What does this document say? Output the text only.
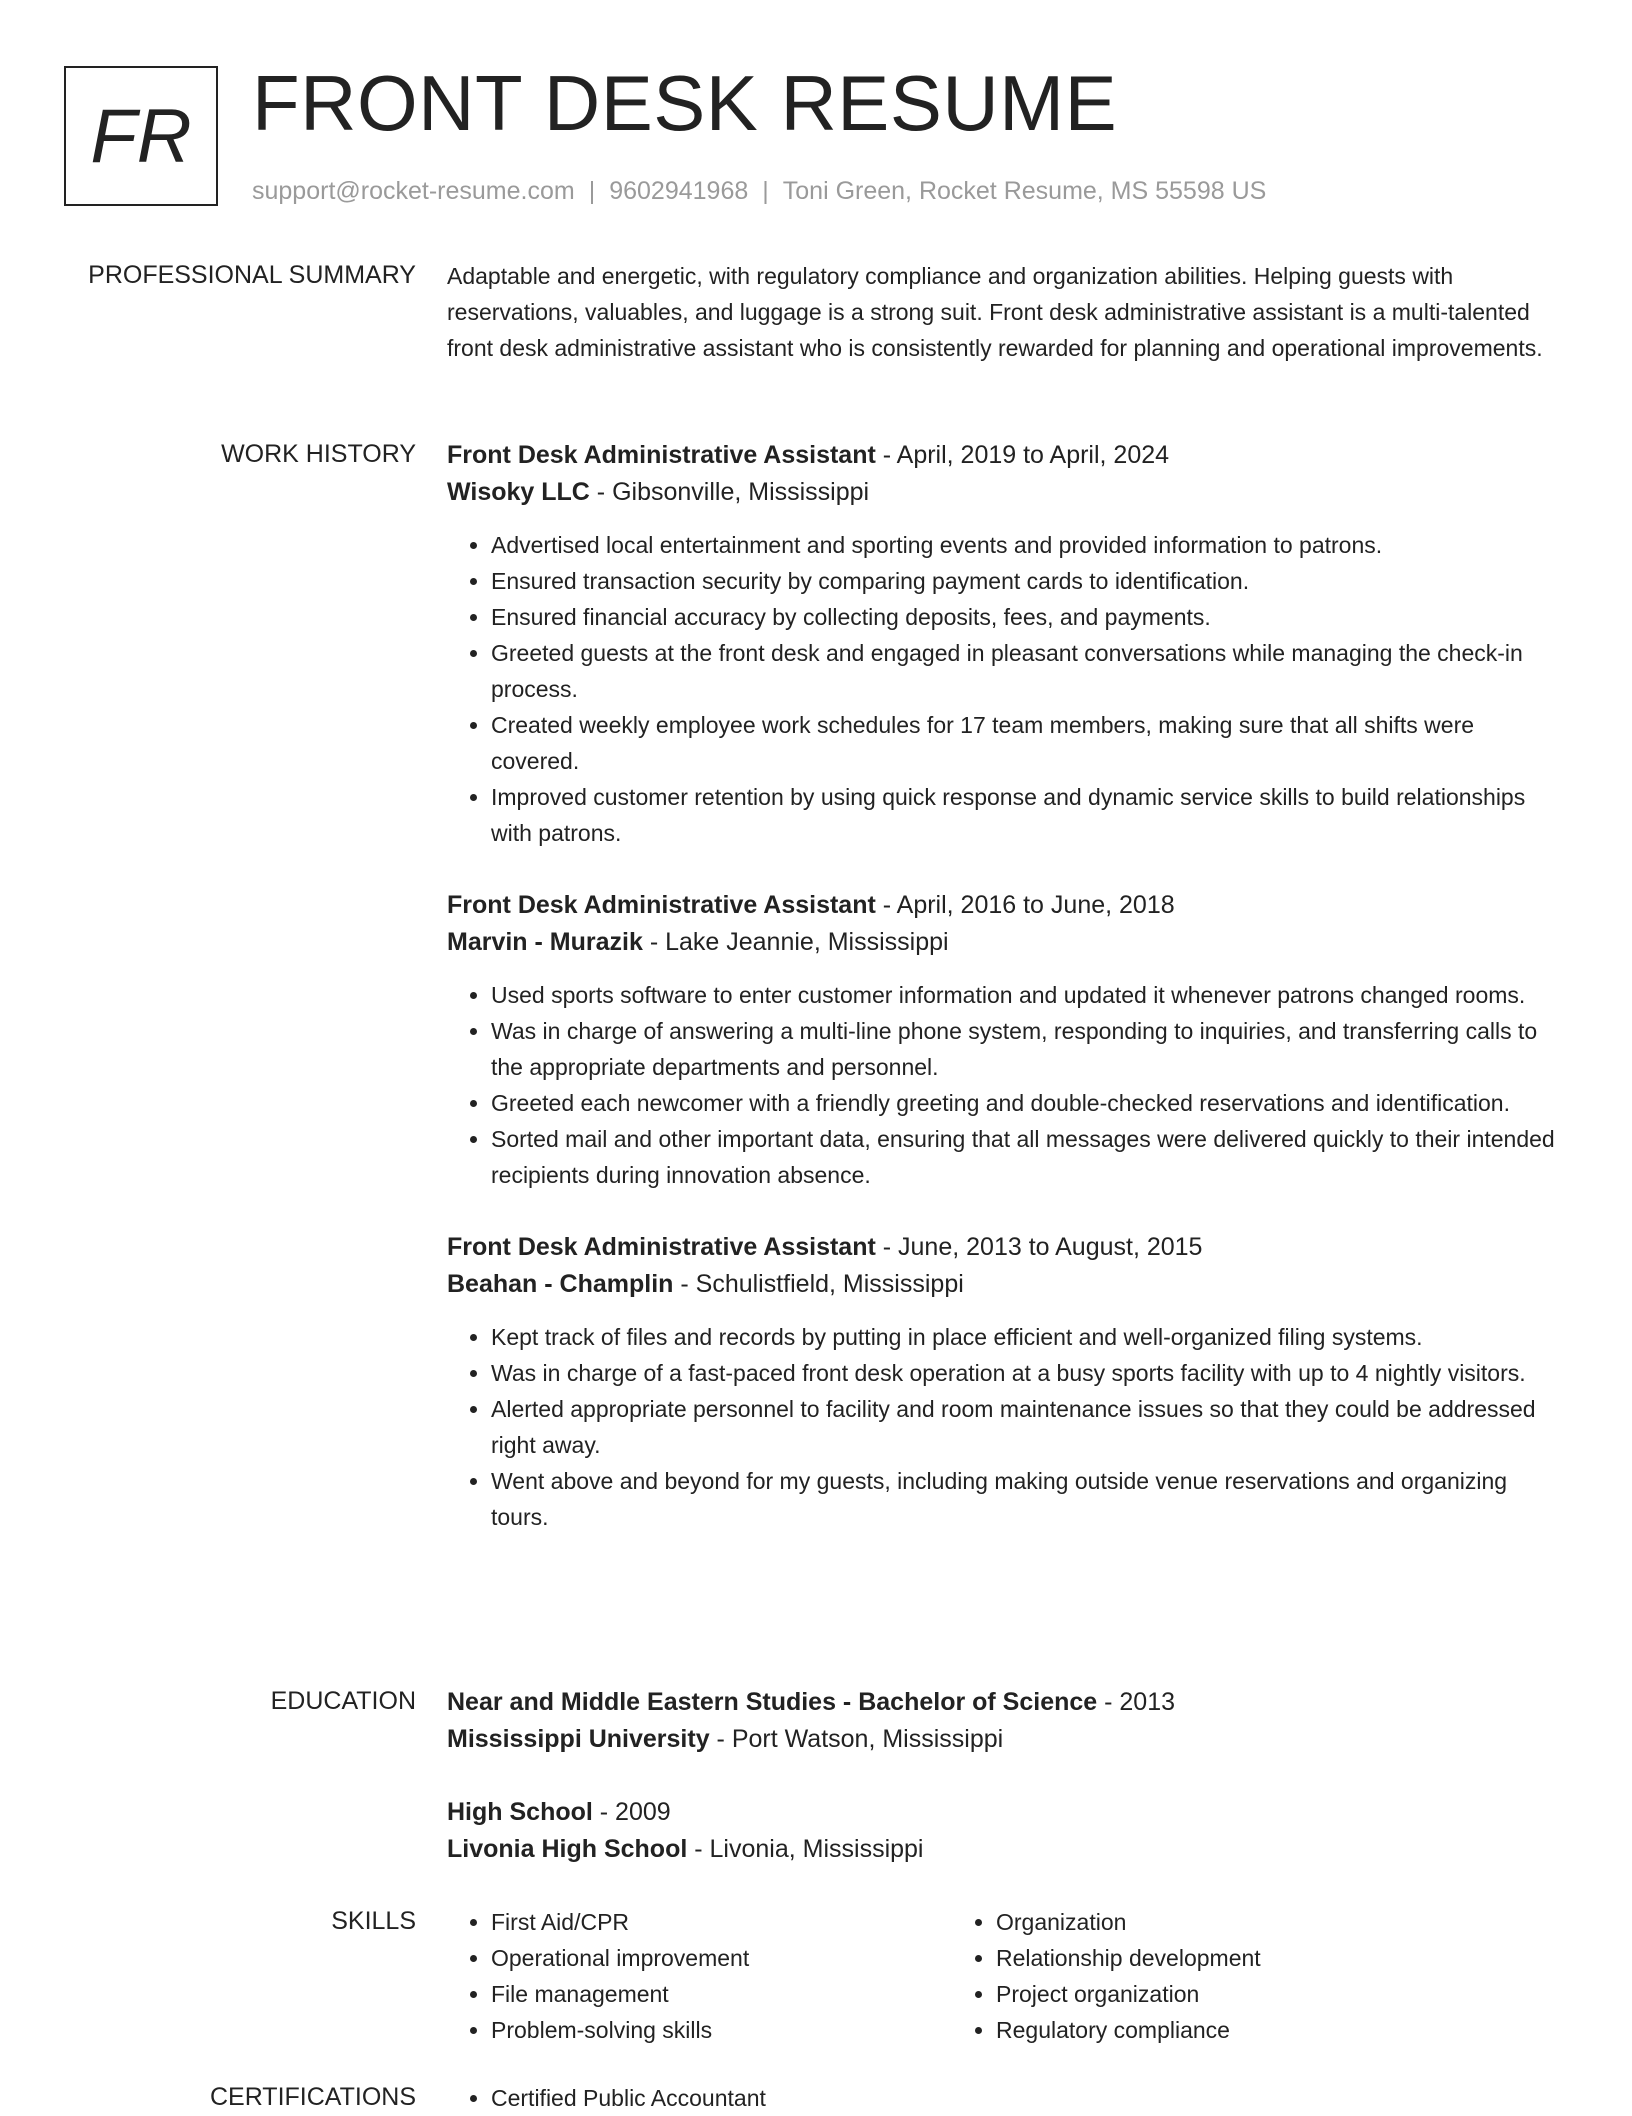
FR FRONT DESK RESUME
support@rocket-resume.com | 9602941968 | Toni Green, Rocket Resume, MS 55598 US
PROFESSIONAL SUMMARY Adaptable and energetic, with regulatory compliance and organization abilities. Helping guests with reservations, valuables, and luggage is a strong suit. Front desk administrative assistant is a multi-talented front desk administrative assistant who is consistently rewarded for planning and operational improvements.

WORK HISTORY Front Desk Administrative Assistant - April, 2019 to April, 2024
Wisoky LLC - Gibsonville, Mississippi
• Advertised local entertainment and sporting events and provided information to patrons.
• Ensured transaction security by comparing payment cards to identification.
• Ensured financial accuracy by collecting deposits, fees, and payments.
• Greeted guests at the front desk and engaged in pleasant conversations while managing the check-in process.
• Created weekly employee work schedules for 17 team members, making sure that all shifts were covered.
• Improved customer retention by using quick response and dynamic service skills to build relationships with patrons.
Front Desk Administrative Assistant - April, 2016 to June, 2018
Marvin - Murazik - Lake Jeannie, Mississippi
• Used sports software to enter customer information and updated it whenever patrons changed rooms.
• Was in charge of answering a multi-line phone system, responding to inquiries, and transferring calls to the appropriate departments and personnel.
• Greeted each newcomer with a friendly greeting and double-checked reservations and identification.
• Sorted mail and other important data, ensuring that all messages were delivered quickly to their intended recipients during innovation absence.
Front Desk Administrative Assistant - June, 2013 to August, 2015
Beahan - Champlin - Schulistfield, Mississippi
• Kept track of files and records by putting in place efficient and well-organized filing systems.
• Was in charge of a fast-paced front desk operation at a busy sports facility with up to 4 nightly visitors.
• Alerted appropriate personnel to facility and room maintenance issues so that they could be addressed right away.
• Went above and beyond for my guests, including making outside venue reservations and organizing tours.
EDUCATION Near and Middle Eastern Studies - Bachelor of Science - 2013
Mississippi University - Port Watson, Mississippi
High School - 2009
Livonia High School - Livonia, Mississippi
SKILLS	• First Aid/CPR
• Operational improvement
• File management
• Problem-solving skills
• Organization
• Relationship development
• Project organization
• Regulatory compliance
CERTIFICATIONS	• Certified Public Accountant
